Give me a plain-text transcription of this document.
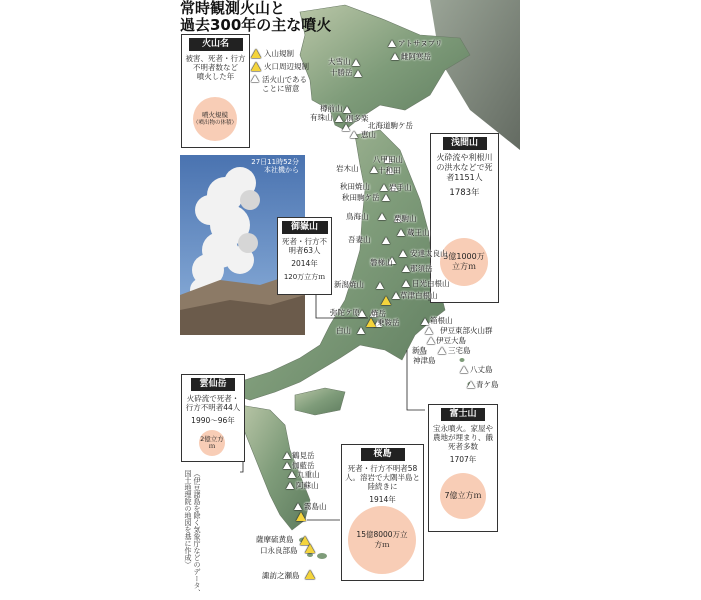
常時観測火山と
過去300年の主な噴火
火山名
被害、死者・行方
不明者数など
噴火した年
噴火規模
（噴出物の体積）
入山規制
火口周辺規制
活火山である
ことに留意
27日11時52分
本社機から
御嶽山
死者・行方不明者63人
2014年
120万立方ｍ
浅間山
火砕流や利根川の洪水などで死者1151人
1783年
5億1000万立方ｍ
雲仙岳
火砕流で死者・行方不明者44人
1990〜96年
2億立方ｍ
桜島
死者・行方不明者58人。溶岩で大隅半島と陸続きに
1914年
15億8000万立方ｍ
富士山
宝永噴火。家屋や農地が埋まり、餓死者多数
1707年
7億立方ｍ
アトサヌプリ
雌阿寒岳
大雪山
十勝岳
樽前山
有珠山 倶多楽
北海道駒ケ岳
恵山
八甲田山
十和田
岩木山
秋田焼山	岩手山
秋田駒ケ岳
鳥海山	栗駒山
蔵王山
吾妻山
安達太良山
磐梯山
那須岳
日光白根山
草津白根山
新潟焼山
弥陀ケ原 焼岳
乗鞍岳
白山
箱根山
伊豆東部火山群
伊豆大島
新島	三宅島
神津島
八丈島
青ケ島
鶴見岳
伽藍岳
九重山
阿蘇山
霧島山
薩摩硫黄島
口永良部島
諏訪之瀬島
（伊豆諸島を除く気象庁などのデータ、国土地理院の地図を基に作成）
